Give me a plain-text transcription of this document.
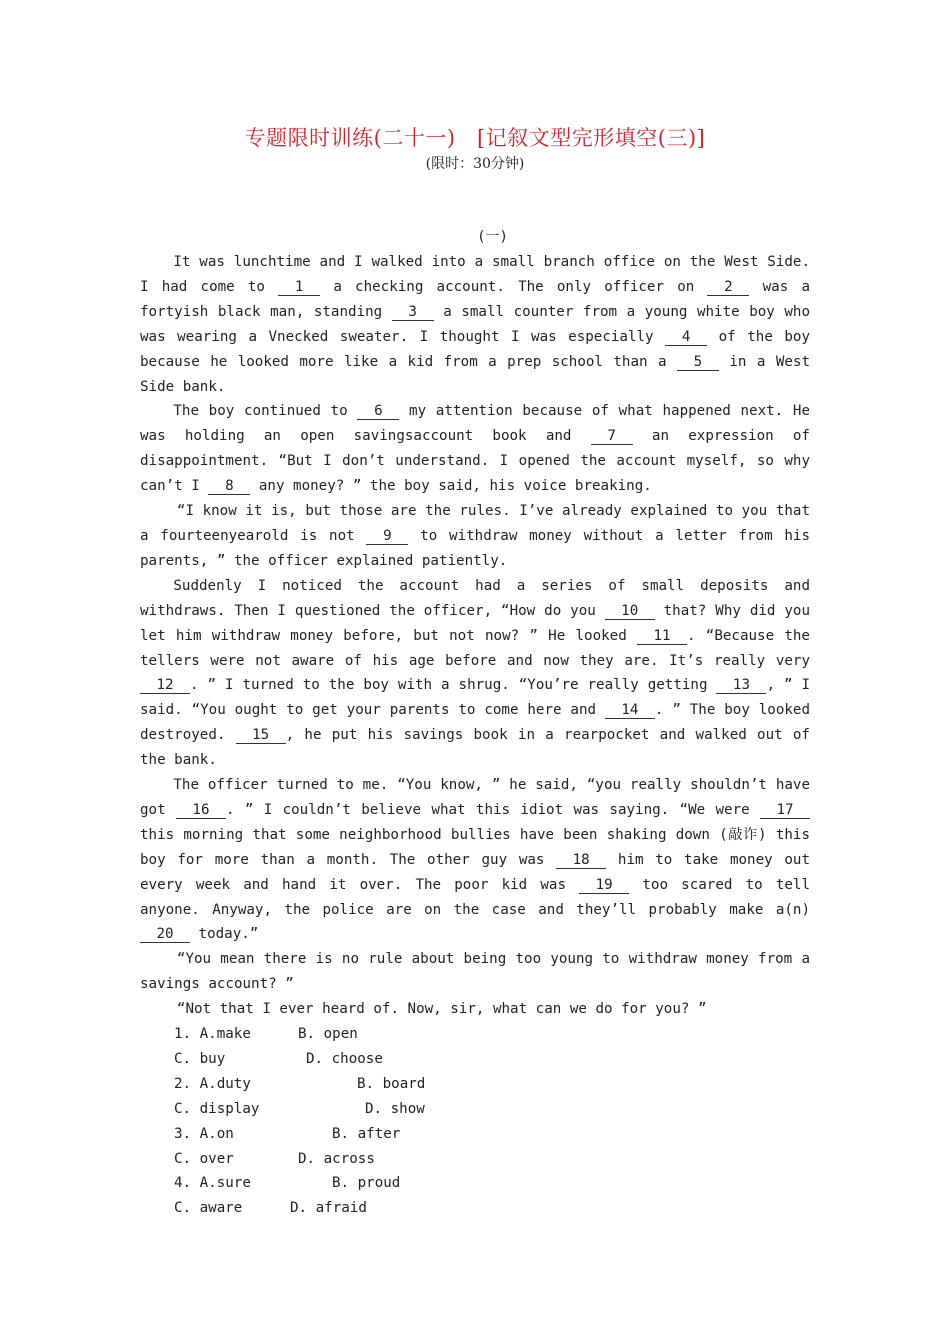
专题限时训练(二十一)　[记叙文型完形填空(三)]
(限时：30分钟)
(一)

It was lunchtime and I walked into a small branch office on the West Side. I had come to 1 a checking account. The only officer on 2 was a fortyish black man, standing 3 a small counter from a young white boy who was wearing a Vnecked sweater. I thought I was especially 4 of the boy because he looked more like a kid from a prep school than a 5 in a West Side bank.

The boy continued to 6 my attention because of what happened next. He was holding an open savingsaccount book and 7 an expression of disappointment. “But I don’t understand. I opened the account myself, so why can’t I 8 any money? ” the boy said, his voice breaking.

“I know it is, but those are the rules. I’ve already explained to you that a fourteenyearold is not 9 to withdraw money without a letter from his parents, ” the officer explained patiently.

Suddenly I noticed the account had a series of small deposits and withdraws. Then I questioned the officer, “How do you 10 that? Why did you let him withdraw money before, but not now? ” He looked 11 . “Because the tellers were not aware of his age before and now they are. It’s really very 12 . ” I turned to the boy with a shrug. “You’re really getting 13 , ” I said. “You ought to get your parents to come here and 14 . ” The boy looked destroyed. 15 , he put his savings book in a rearpocket and walked out of the bank.

The officer turned to me. “You know, ” he said, “you really shouldn’t have got 16 . ” I couldn’t believe what this idiot was saying. “We were 17 this morning that some neighborhood bullies have been shaking down (敲诈) this boy for more than a month. The other guy was 18 him to take money out every week and hand it over. The poor kid was 19 too scared to tell anyone. Anyway, the police are on the case and they’ll probably make a(n) 20 today.”

“You mean there is no rule about being too young to withdraw money from a savings account? ”

“Not that I ever heard of. Now, sir, what can we do for you? ”

1. A.make	B. open
C. buy	D. choose
2. A.duty	B. board
C. display	D. show
3. A.on	B. after
C. over	D. across
4. A.sure	B. proud
C. aware	D. afraid
